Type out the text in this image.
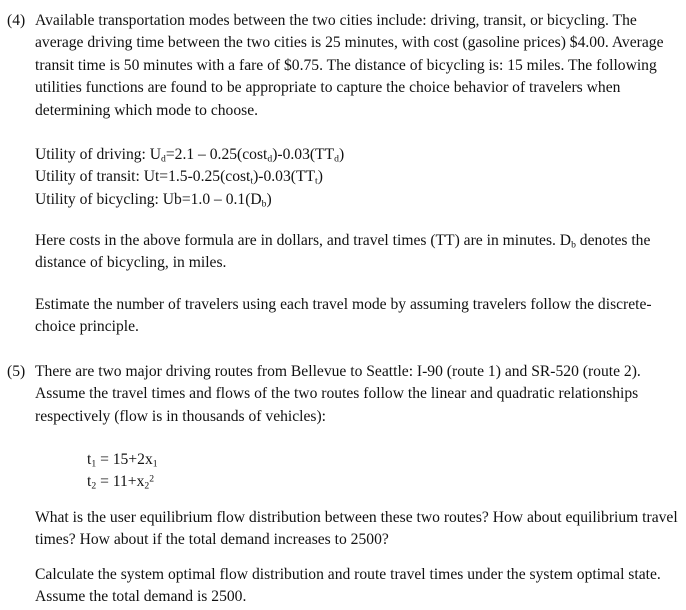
(4) Available transportation modes between the two cities include: driving, transit, or bicycling. The average driving time between the two cities is 25 minutes, with cost (gasoline prices) $4.00. Average transit time is 50 minutes with a fare of $0.75. The distance of bicycling is: 15 miles. The following utilities functions are found to be appropriate to capture the choice behavior of travelers when determining which mode to choose.

Utility of driving: $U_d=2.1 - 0.25(\cos t_d)-0.03(TT_d)$
Utility of transit: $Ut=1.5-0.25(\cos t_t)-0.03(TT_t)$
Utility of bicycling: $Ub=1.0 - 0.1(D_b)$

Here costs in the above formula are in dollars, and travel times (TT) are in minutes. $D_b$ denotes the distance of bicycling, in miles.

Estimate the number of travelers using each travel mode by assuming travelers follow the discrete-choice principle.

(5) There are two major driving routes from Bellevue to Seattle: I-90 (route 1) and SR-520 (route 2). Assume the travel times and flows of the two routes follow the linear and quadratic relationships respectively (flow is in thousands of vehicles):

$t_1 = 15+2x_1$
$t_2 = 11+x_2^2$

What is the user equilibrium flow distribution between these two routes? How about equilibrium travel times? How about if the total demand increases to 2500?

Calculate the system optimal flow distribution and route travel times under the system optimal state. Assume the total demand is 2500.
